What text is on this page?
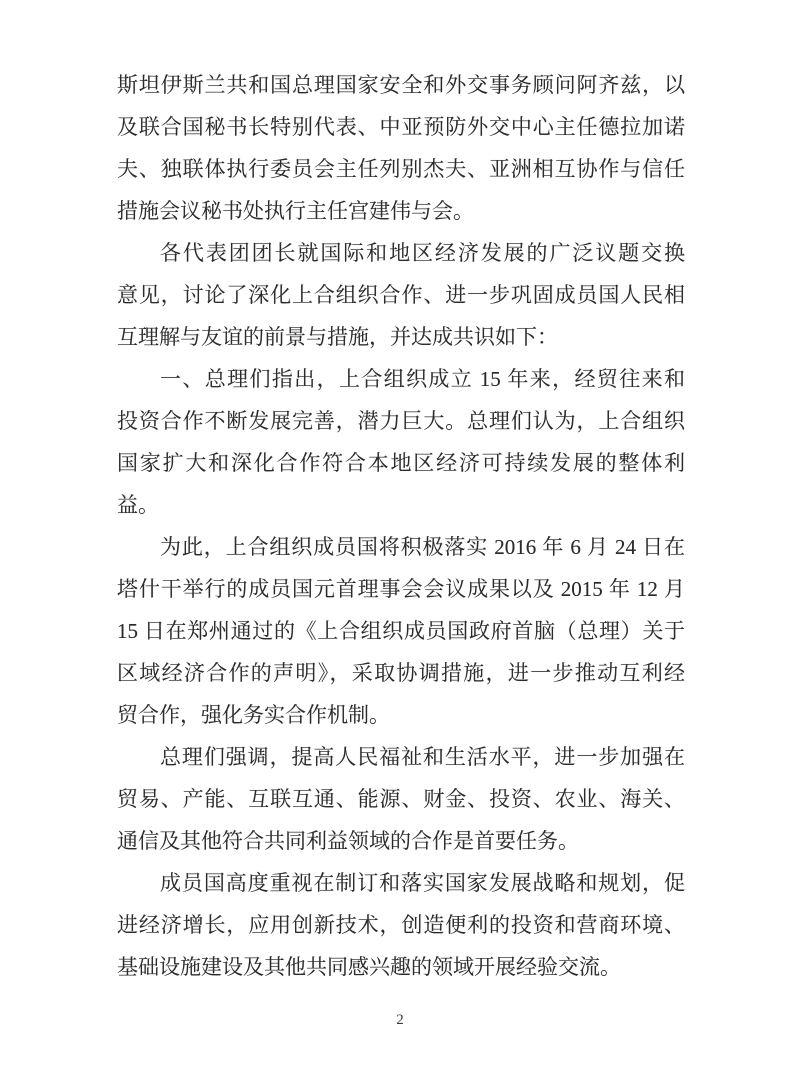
斯坦伊斯兰共和国总理国家安全和外交事务顾问阿齐兹，以
及联合国秘书长特别代表、中亚预防外交中心主任德拉加诺
夫、独联体执行委员会主任列别杰夫、亚洲相互协作与信任
措施会议秘书处执行主任宫建伟与会。
各代表团团长就国际和地区经济发展的广泛议题交换
意见，讨论了深化上合组织合作、进一步巩固成员国人民相
互理解与友谊的前景与措施，并达成共识如下：
一、总理们指出，上合组织成立 15 年来，经贸往来和
投资合作不断发展完善，潜力巨大。总理们认为，上合组织
国家扩大和深化合作符合本地区经济可持续发展的整体利
益。
为此，上合组织成员国将积极落实 2016 年 6 月 24 日在
塔什干举行的成员国元首理事会会议成果以及 2015 年 12 月
15 日在郑州通过的《上合组织成员国政府首脑（总理）关于
区域经济合作的声明》，采取协调措施，进一步推动互利经
贸合作，强化务实合作机制。
总理们强调，提高人民福祉和生活水平，进一步加强在
贸易、产能、互联互通、能源、财金、投资、农业、海关、
通信及其他符合共同利益领域的合作是首要任务。
成员国高度重视在制订和落实国家发展战略和规划，促
进经济增长，应用创新技术，创造便利的投资和营商环境、
基础设施建设及其他共同感兴趣的领域开展经验交流。
2
